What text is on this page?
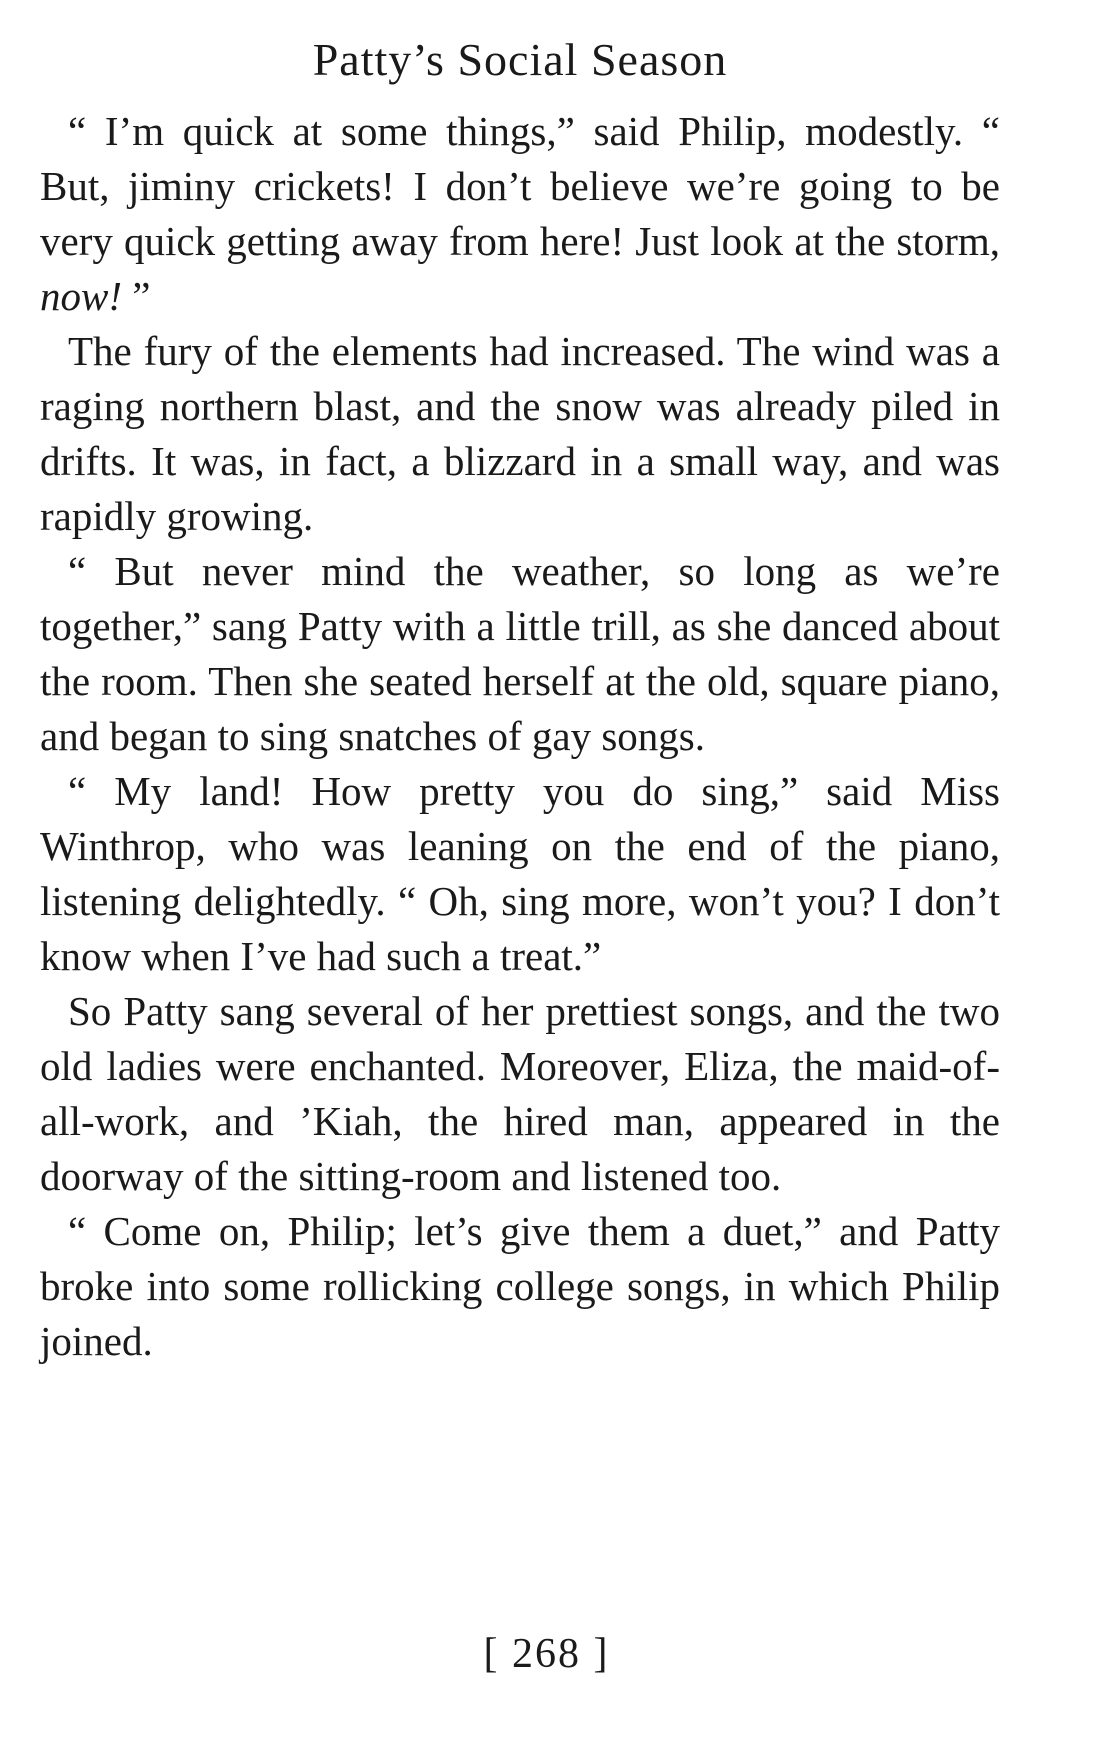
Patty’s Social Season

“ I’m quick at some things,” said Philip, modestly. “ But, jiminy crickets! I don’t believe we’re going to be very quick getting away from here! Just look at the storm, now! ”

The fury of the elements had increased. The wind was a raging northern blast, and the snow was already piled in drifts. It was, in fact, a blizzard in a small way, and was rapidly growing.

“ But never mind the weather, so long as we’re together,” sang Patty with a little trill, as she danced about the room. Then she seated herself at the old, square piano, and began to sing snatches of gay songs.

“ My land! How pretty you do sing,” said Miss Winthrop, who was leaning on the end of the piano, listening delightedly. “ Oh, sing more, won’t you? I don’t know when I’ve had such a treat.”

So Patty sang several of her prettiest songs, and the two old ladies were enchanted. Moreover, Eliza, the maid-of-all-work, and ’Kiah, the hired man, appeared in the doorway of the sitting-room and listened too.

“ Come on, Philip; let’s give them a duet,” and Patty broke into some rollicking college songs, in which Philip joined.

[ 268 ]
